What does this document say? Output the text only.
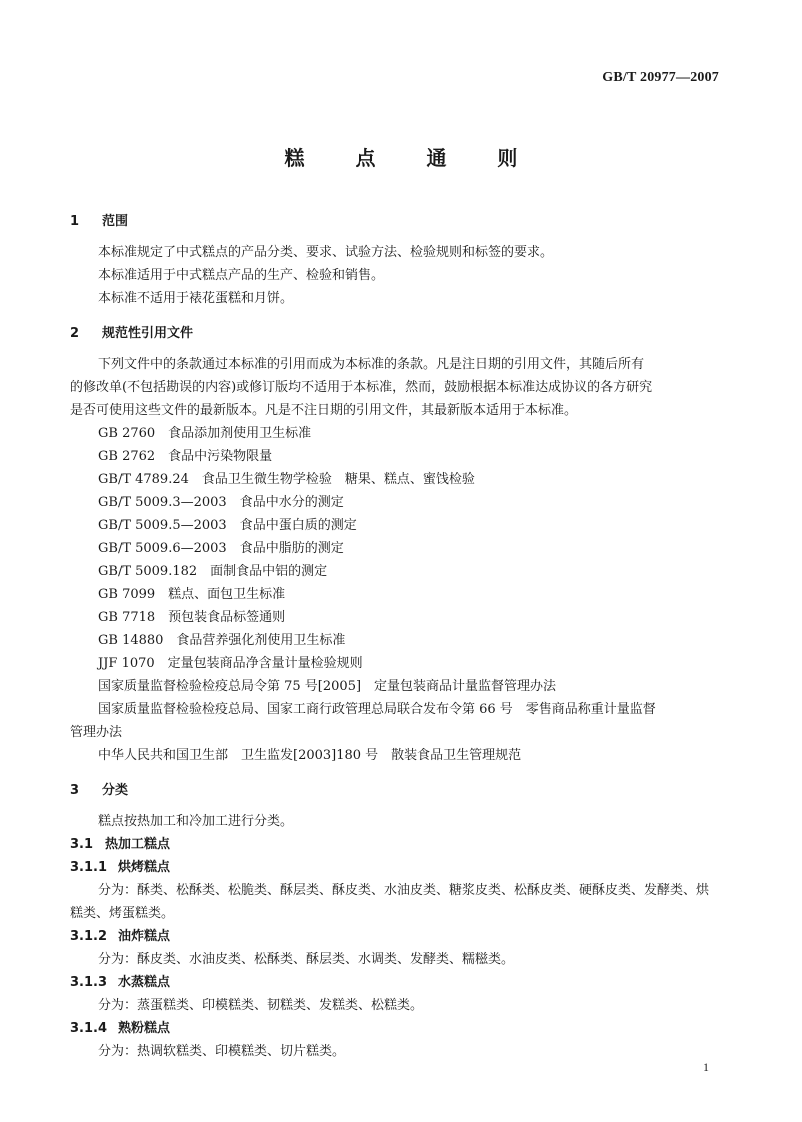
GB/T 20977—2007
糕 点 通 则
1 范围
本标准规定了中式糕点的产品分类、要求、试验方法、检验规则和标签的要求。
本标准适用于中式糕点产品的生产、检验和销售。
本标准不适用于裱花蛋糕和月饼。
2 规范性引用文件
下列文件中的条款通过本标准的引用而成为本标准的条款。凡是注日期的引用文件，其随后所有
的修改单(不包括勘误的内容)或修订版均不适用于本标准，然而，鼓励根据本标准达成协议的各方研究
是否可使用这些文件的最新版本。凡是不注日期的引用文件，其最新版本适用于本标准。
GB 2760　食品添加剂使用卫生标准
GB 2762　食品中污染物限量
GB/T 4789.24　食品卫生微生物学检验　糖果、糕点、蜜饯检验
GB/T 5009.3—2003　食品中水分的测定
GB/T 5009.5—2003　食品中蛋白质的测定
GB/T 5009.6—2003　食品中脂肪的测定
GB/T 5009.182　面制食品中铝的测定
GB 7099　糕点、面包卫生标准
GB 7718　预包装食品标签通则
GB 14880　食品营养强化剂使用卫生标准
JJF 1070　定量包装商品净含量计量检验规则
国家质量监督检验检疫总局令第 75 号[2005]　定量包装商品计量监督管理办法
国家质量监督检验检疫总局、国家工商行政管理总局联合发布令第 66 号　零售商品称重计量监督
管理办法
中华人民共和国卫生部　卫生监发[2003]180 号　散装食品卫生管理规范
3 分类
糕点按热加工和冷加工进行分类。
3.1 热加工糕点
3.1.1 烘烤糕点
分为：酥类、松酥类、松脆类、酥层类、酥皮类、水油皮类、糖浆皮类、松酥皮类、硬酥皮类、发酵类、烘
糕类、烤蛋糕类。
3.1.2 油炸糕点
分为：酥皮类、水油皮类、松酥类、酥层类、水调类、发酵类、糯糍类。
3.1.3 水蒸糕点
分为：蒸蛋糕类、印模糕类、韧糕类、发糕类、松糕类。
3.1.4 熟粉糕点
分为：热调软糕类、印模糕类、切片糕类。
1
